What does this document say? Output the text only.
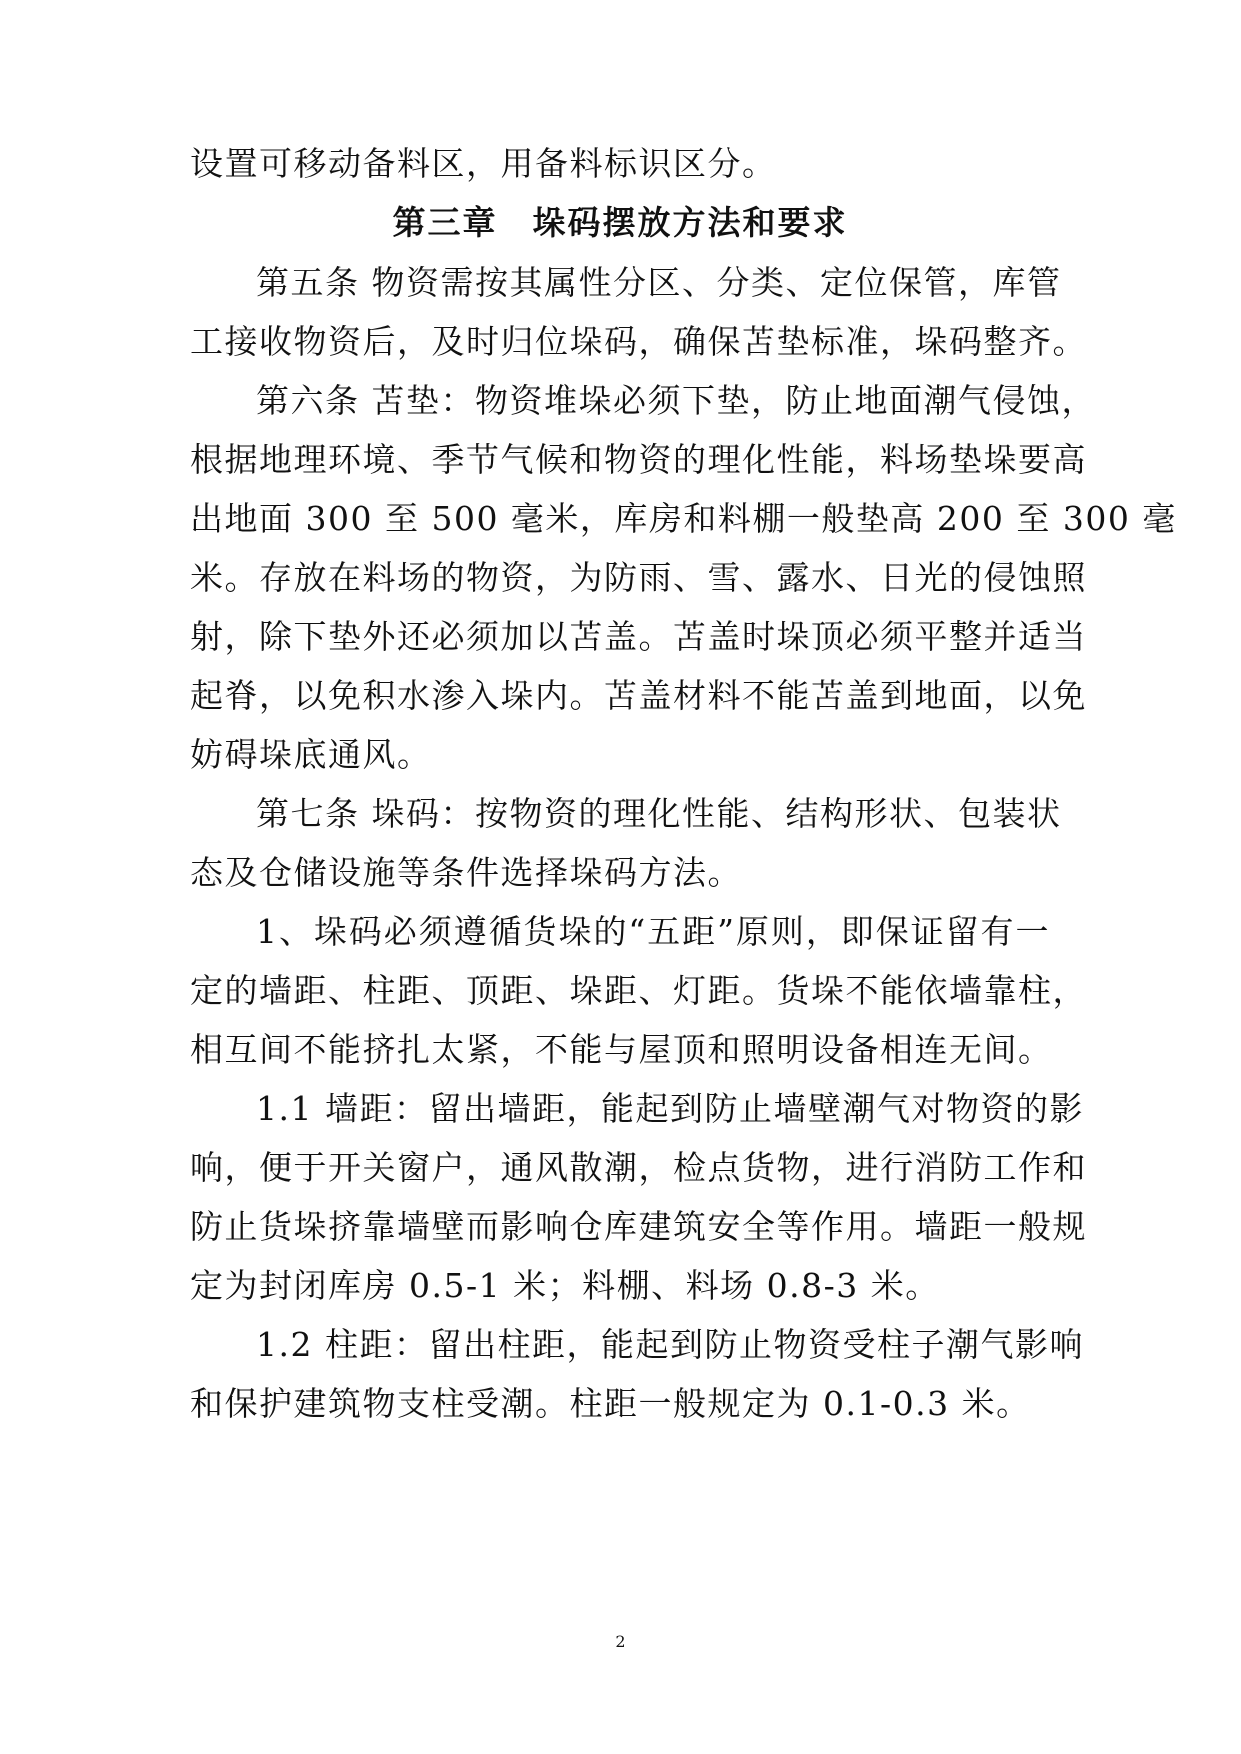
设置可移动备料区，用备料标识区分。
第三章　垛码摆放方法和要求
第五条 物资需按其属性分区、分类、定位保管，库管
工接收物资后，及时归位垛码，确保苫垫标准，垛码整齐。
第六条 苫垫：物资堆垛必须下垫，防止地面潮气侵蚀，
根据地理环境、季节气候和物资的理化性能，料场垫垛要高
出地面 300 至 500 毫米，库房和料棚一般垫高 200 至 300 毫
米。存放在料场的物资，为防雨、雪、露水、日光的侵蚀照
射，除下垫外还必须加以苫盖。苫盖时垛顶必须平整并适当
起脊，以免积水渗入垛内。苫盖材料不能苫盖到地面，以免
妨碍垛底通风。
第七条 垛码：按物资的理化性能、结构形状、包装状
态及仓储设施等条件选择垛码方法。
1、垛码必须遵循货垛的“五距”原则，即保证留有一
定的墙距、柱距、顶距、垛距、灯距。货垛不能依墙靠柱，
相互间不能挤扎太紧，不能与屋顶和照明设备相连无间。
1.1 墙距：留出墙距，能起到防止墙壁潮气对物资的影
响，便于开关窗户，通风散潮，检点货物，进行消防工作和
防止货垛挤靠墙壁而影响仓库建筑安全等作用。墙距一般规
定为封闭库房 0.5-1 米；料棚、料场 0.8-3 米。
1.2 柱距：留出柱距，能起到防止物资受柱子潮气影响
和保护建筑物支柱受潮。柱距一般规定为 0.1-0.3 米。
2
